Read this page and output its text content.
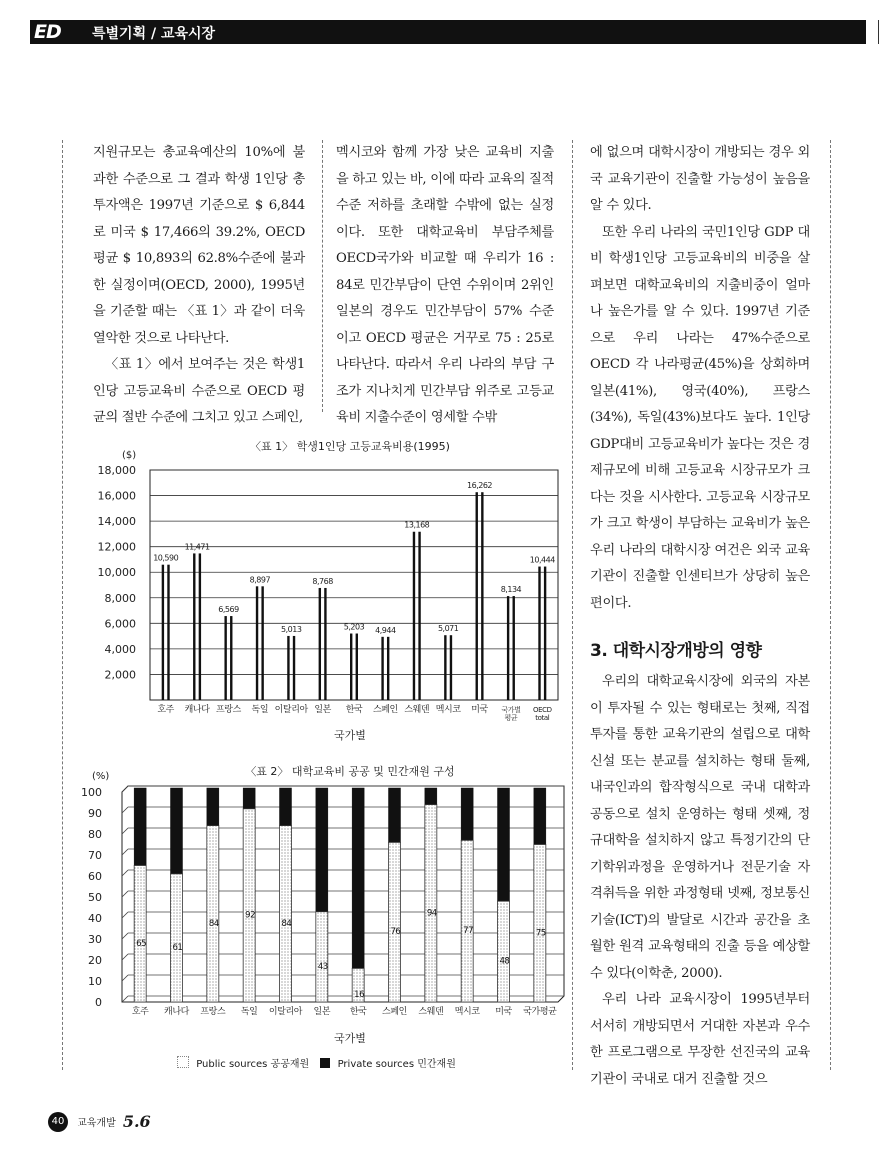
ED 특별기획 / 교육시장

지원규모는 총교육예산의 10%에 불과한 수준으로 그 결과 학생 1인당 총투자액은 1997년 기준으로 $ 6,844로 미국 $ 17,466의 39.2%, OECD 평균 $ 10,893의 62.8%수준에 불과한 실정이며(OECD, 2000), 1995년을 기준할 때는 〈표 1〉과 같이 더욱 열악한 것으로 나타난다.

〈표 1〉에서 보여주는 것은 학생1인당 고등교육비 수준으로 OECD 평균의 절반 수준에 그치고 있고 스페인,

멕시코와 함께 가장 낮은 교육비 지출을 하고 있는 바, 이에 따라 교육의 질적 수준 저하를 초래할 수밖에 없는 실정이다. 또한 대학교육비 부담주체를 OECD국가와 비교할 때 우리가 16 : 84로 민간부담이 단연 수위이며 2위인 일본의 경우도 민간부담이 57% 수준이고 OECD 평균은 거꾸로 75 : 25로 나타난다. 따라서 우리 나라의 부담 구조가 지나치게 민간부담 위주로 고등교육비 지출수준이 영세할 수밖

에 없으며 대학시장이 개방되는 경우 외국 교육기관이 진출할 가능성이 높음을 알 수 있다.

또한 우리 나라의 국민1인당 GDP 대비 학생1인당 고등교육비의 비중을 살펴보면 대학교육비의 지출비중이 얼마나 높은가를 알 수 있다. 1997년 기준으로 우리 나라는 47%수준으로 OECD 각 나라평균(45%)을 상회하며 일본(41%), 영국(40%), 프랑스(34%), 독일(43%)보다도 높다. 1인당 GDP대비 고등교육비가 높다는 것은 경제규모에 비해 고등교육 시장규모가 크다는 것을 시사한다. 고등교육 시장규모가 크고 학생이 부담하는 교육비가 높은 우리 나라의 대학시장 여건은 외국 교육기관이 진출할 인센티브가 상당히 높은 편이다.

3. 대학시장개방의 영향

우리의 대학교육시장에 외국의 자본이 투자될 수 있는 형태로는 첫째, 직접투자를 통한 교육기관의 설립으로 대학신설 또는 분교를 설치하는 형태 둘째, 내국인과의 합작형식으로 국내 대학과 공동으로 설치 운영하는 형태 셋째, 정규대학을 설치하지 않고 특정기간의 단기학위과정을 운영하거나 전문기술 자격취득을 위한 과정형태 넷째, 정보통신기술(ICT)의 발달로 시간과 공간을 초월한 원격 교육형태의 진출 등을 예상할 수 있다(이학춘, 2000).

우리 나라 교육시장이 1995년부터 서서히 개방되면서 거대한 자본과 우수한 프로그램으로 무장한 선진국의 교육기관이 국내로 대거 진출할 것으

〈표 1〉 학생1인당 고등교육비용(1995)
($)
18,000
16,000
14,000
12,000
10,000
8,000
6,000
4,000
2,000
10,590
호주
11,471
캐나다
6,569
프랑스
8,897
독일
5,013
이탈리아
8,768
일본
5,203
한국
4,944
스페인
13,168
스웨덴
5,071
멕시코
16,262
미국
8,134
국가별
평균
10,444
OECD
total
국가별
〈표 2〉 대학교육비 공공 및 민간재원 구성
(%)
100
90
80
70
60
50
40
30
20
10
0
65
호주
61
캐나다
84
프랑스
92
독일
84
이탈리아
43
일본
16
한국
76
스페인
94
스웨덴
77
멕시코
48
미국
75
국가평균
국가별
Public sources 공공재원	Private sources 민간재원
40 교육개발 5.6
